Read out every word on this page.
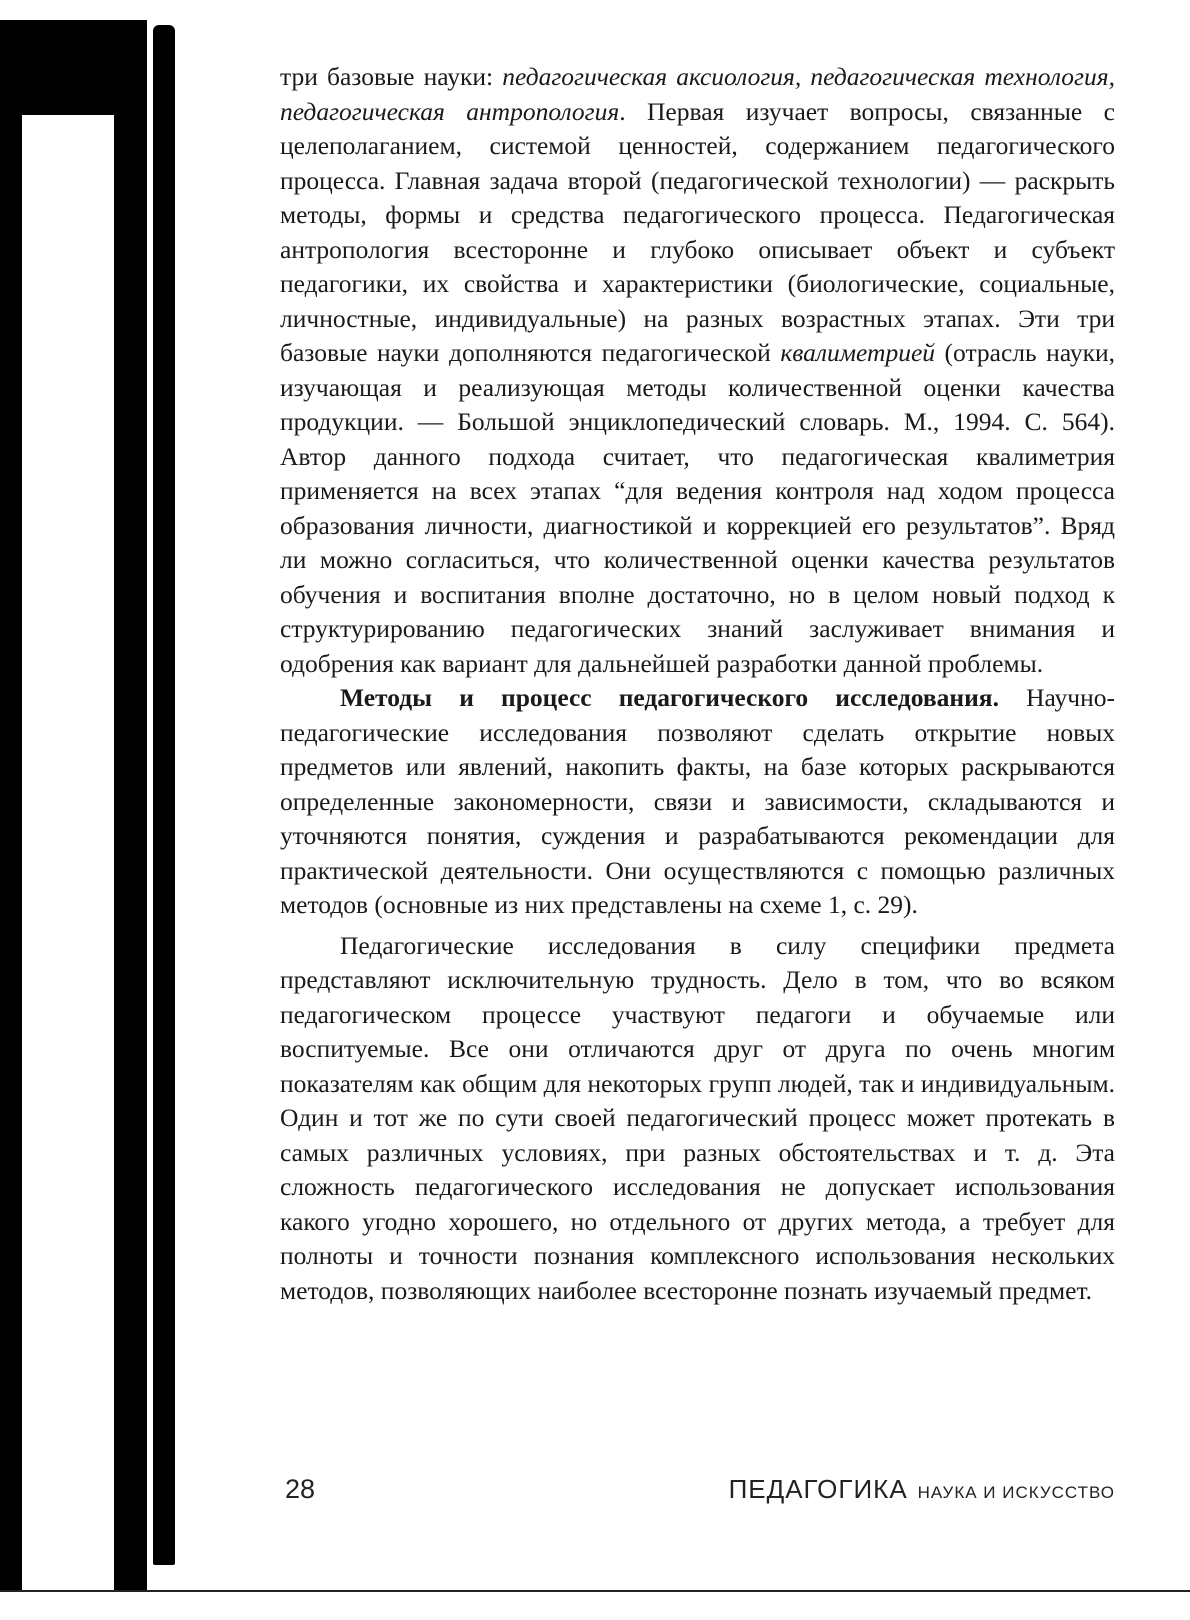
три базовые науки: педагогическая аксиология, педагогическая технология, педагогическая антропология. Первая изучает вопросы, связанные с целеполаганием, системой ценностей, содержанием педагогического процесса. Главная задача второй (педагогической технологии) — раскрыть методы, формы и средства педагогического процесса. Педагогическая антропология всесторонне и глубоко описывает объект и субъект педагогики, их свойства и характеристики (биологические, социальные, личностные, индивидуальные) на разных возрастных этапах. Эти три базовые науки дополняются педагогической квалиметрией (отрасль науки, изучающая и реализующая методы количественной оценки качества продукции. — Большой энциклопедический словарь. М., 1994. С. 564). Автор данного подхода считает, что педагогическая квалиметрия применяется на всех этапах “для ведения контроля над ходом процесса образования личности, диагностикой и коррекцией его результатов”. Вряд ли можно согласиться, что количественной оценки качества результатов обучения и воспитания вполне достаточно, но в целом новый подход к структурированию педагогических знаний заслуживает внимания и одобрения как вариант для дальнейшей разработки данной проблемы.

Методы и процесс педагогического исследования. Научно-педагогические исследования позволяют сделать открытие новых предметов или явлений, накопить факты, на базе которых раскрываются определенные закономерности, связи и зависимости, складываются и уточняются понятия, суждения и разрабатываются рекомендации для практической деятельности. Они осуществляются с помощью различных методов (основные из них представлены на схеме 1, с. 29).

Педагогические исследования в силу специфики предмета представляют исключительную трудность. Дело в том, что во всяком педагогическом процессе участвуют педагоги и обучаемые или воспитуемые. Все они отличаются друг от друга по очень многим показателям как общим для некоторых групп людей, так и индивидуальным. Один и тот же по сути своей педагогический процесс может протекать в самых различных условиях, при разных обстоятельствах и т. д. Эта сложность педагогического исследования не допускает использования какого угодно хорошего, но отдельного от других метода, а требует для полноты и точности познания комплексного использования нескольких методов, позволяющих наиболее всесторонне познать изучаемый предмет.

28	ПЕДАГОГИКА НАУКА И ИСКУССТВО
